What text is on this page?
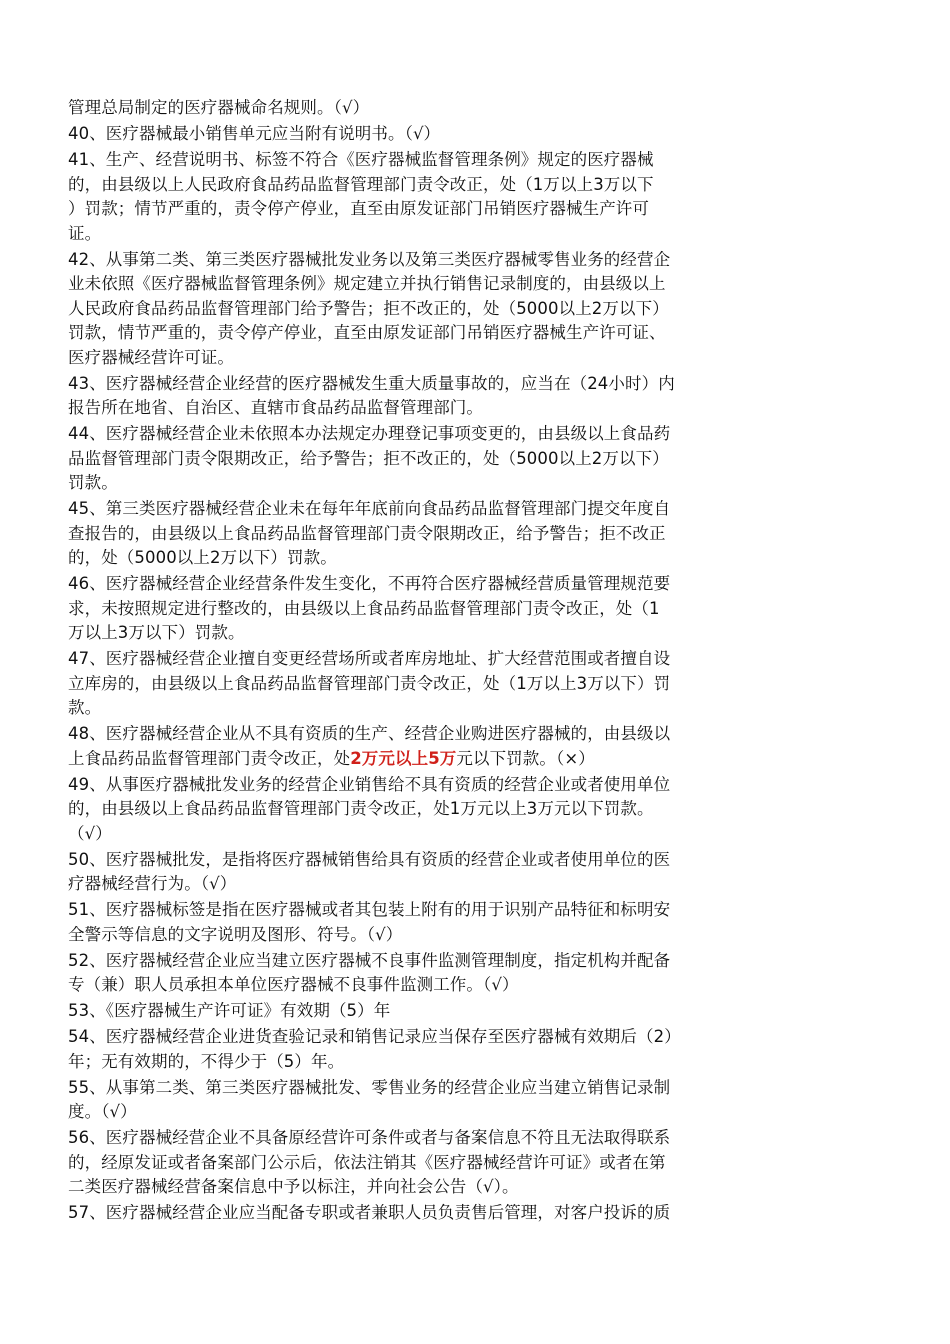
管理总局制定的医疗器械命名规则。（√）
40、医疗器械最小销售单元应当附有说明书。（√）
41、生产、经营说明书、标签不符合《医疗器械监督管理条例》规定的医疗器械
的，由县级以上人民政府食品药品监督管理部门责令改正，处（1万以上3万以下
）罚款；情节严重的，责令停产停业，直至由原发证部门吊销医疗器械生产许可
证。
42、从事第二类、第三类医疗器械批发业务以及第三类医疗器械零售业务的经营企
业未依照《医疗器械监督管理条例》规定建立并执行销售记录制度的，由县级以上
人民政府食品药品监督管理部门给予警告；拒不改正的，处（5000以上2万以下）
罚款，情节严重的，责令停产停业，直至由原发证部门吊销医疗器械生产许可证、
医疗器械经营许可证。
43、医疗器械经营企业经营的医疗器械发生重大质量事故的，应当在（24小时）内
报告所在地省、自治区、直辖市食品药品监督管理部门。
44、医疗器械经营企业未依照本办法规定办理登记事项变更的，由县级以上食品药
品监督管理部门责令限期改正，给予警告；拒不改正的，处（5000以上2万以下）
罚款。
45、第三类医疗器械经营企业未在每年年底前向食品药品监督管理部门提交年度自
查报告的，由县级以上食品药品监督管理部门责令限期改正，给予警告；拒不改正
的，处（5000以上2万以下）罚款。
46、医疗器械经营企业经营条件发生变化，不再符合医疗器械经营质量管理规范要
求，未按照规定进行整改的，由县级以上食品药品监督管理部门责令改正，处（1
万以上3万以下）罚款。
47、医疗器械经营企业擅自变更经营场所或者库房地址、扩大经营范围或者擅自设
立库房的，由县级以上食品药品监督管理部门责令改正，处（1万以上3万以下）罚
款。
48、医疗器械经营企业从不具有资质的生产、经营企业购进医疗器械的，由县级以
上食品药品监督管理部门责令改正，处2万元以上5万元以下罚款。（×）
49、从事医疗器械批发业务的经营企业销售给不具有资质的经营企业或者使用单位
的，由县级以上食品药品监督管理部门责令改正，处1万元以上3万元以下罚款。
（√）
50、医疗器械批发，是指将医疗器械销售给具有资质的经营企业或者使用单位的医
疗器械经营行为。（√）
51、医疗器械标签是指在医疗器械或者其包装上附有的用于识别产品特征和标明安
全警示等信息的文字说明及图形、符号。（√）
52、医疗器械经营企业应当建立医疗器械不良事件监测管理制度，指定机构并配备
专（兼）职人员承担本单位医疗器械不良事件监测工作。（√）
53、《医疗器械生产许可证》有效期（5）年
54、医疗器械经营企业进货查验记录和销售记录应当保存至医疗器械有效期后（2）
年；无有效期的，不得少于（5）年。
55、从事第二类、第三类医疗器械批发、零售业务的经营企业应当建立销售记录制
度。（√）
56、医疗器械经营企业不具备原经营许可条件或者与备案信息不符且无法取得联系
的，经原发证或者备案部门公示后，依法注销其《医疗器械经营许可证》或者在第
二类医疗器械经营备案信息中予以标注，并向社会公告（√）。
57、医疗器械经营企业应当配备专职或者兼职人员负责售后管理，对客户投诉的质
